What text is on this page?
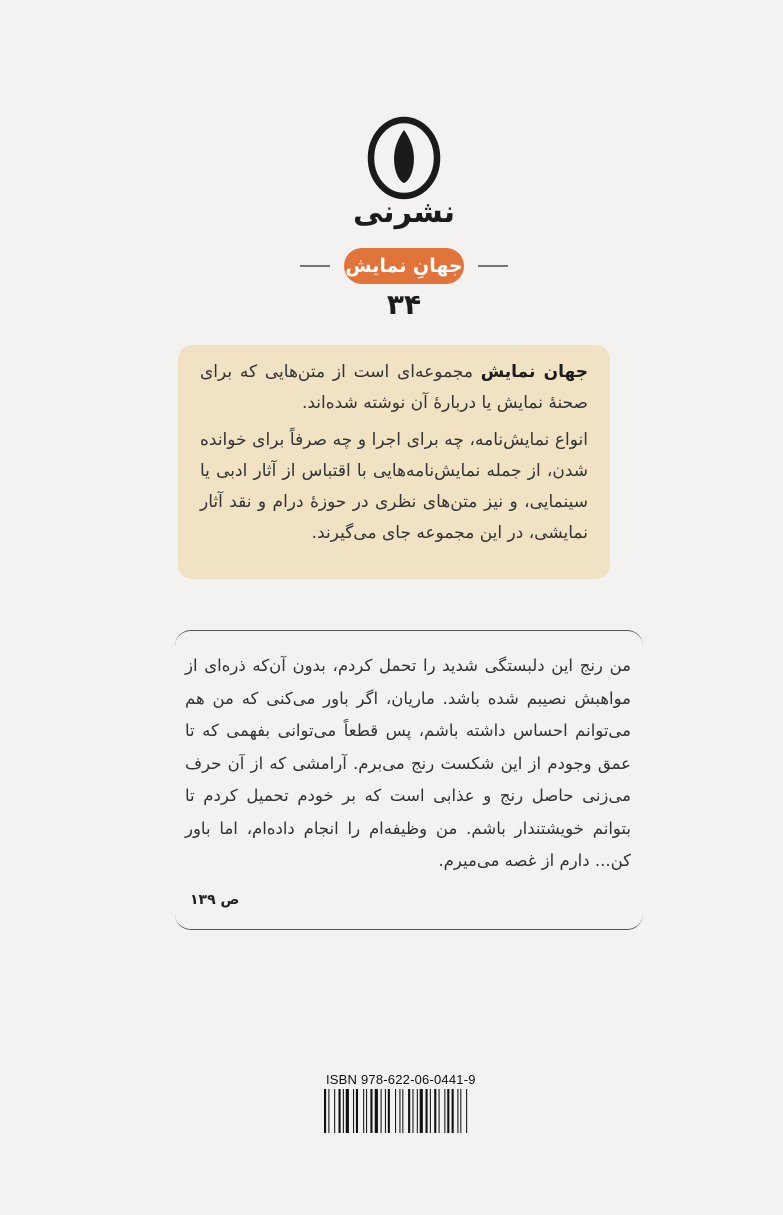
نشرنی
جهانِ نمایش
۳۴

جهان نمایش مجموعه‌ای است از متن‌هایی که برای صحنهٔ نمایش یا دربارهٔ آن نوشته شده‌اند.

انواع نمایش‌نامه، چه برای اجرا و چه صرفاً برای خوانده شدن، از جمله نمایش‌نامه‌هایی با اقتباس از آثار ادبی یا سینمایی، و نیز متن‌های نظری در حوزهٔ درام و نقد آثار نمایشی، در این مجموعه جای می‌گیرند.

من رنج این دلبستگی شدید را تحمل کردم، بدون آن‌که ذره‌ای از مواهبش نصیبم شده باشد. ماریان، اگر باور می‌کنی که من هم می‌توانم احساس داشته باشم، پس قطعاً می‌توانی بفهمی که تا عمق وجودم از این شکست رنج می‌برم. آرامشی که از آن حرف می‌زنی حاصل رنج و عذابی است که بر خودم تحمیل کردم تا بتوانم خویشتندار باشم. من وظیفه‌ام را انجام داده‌ام، اما باور کن... دارم از غصه می‌میرم.
ص ۱۳۹
ISBN 978-622-06-0441-9
